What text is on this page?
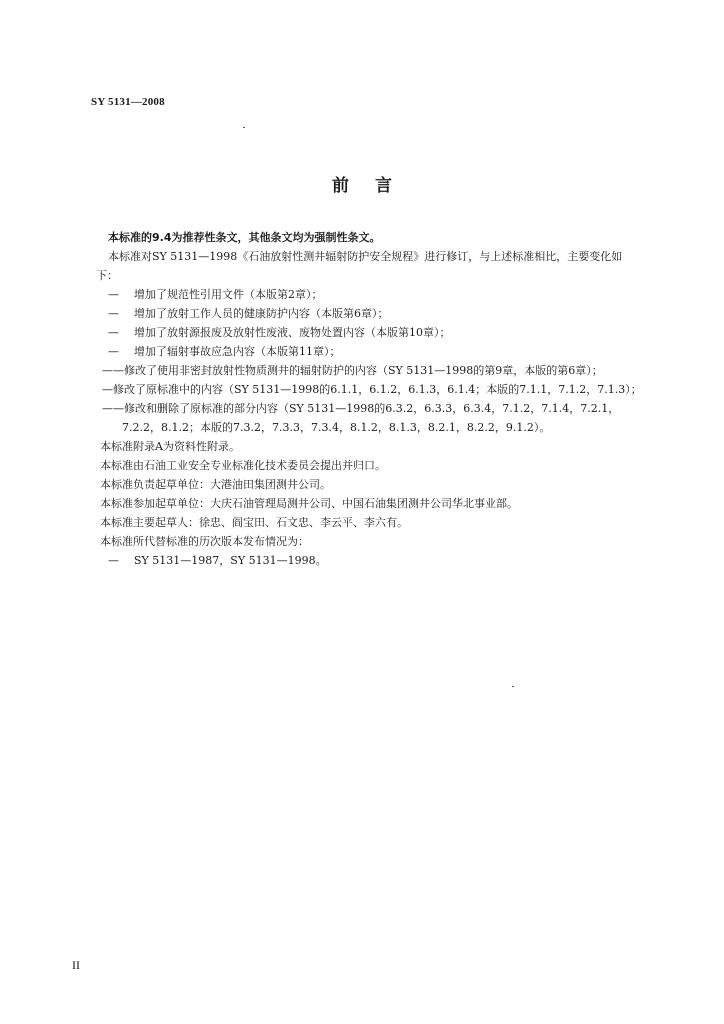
SY 5131—2008
前言

本标准的9.4为推荐性条文，其他条文均为强制性条文。

本标准对SY 5131—1998《石油放射性测井辐射防护安全规程》进行修订，与上述标准相比，主要变化如下：

— 增加了规范性引用文件（本版第2章）；

— 增加了放射工作人员的健康防护内容（本版第6章）；

— 增加了放射源报废及放射性废液、废物处置内容（本版第10章）；

— 增加了辐射事故应急内容（本版第11章）；

——修改了使用非密封放射性物质测井的辐射防护的内容（SY 5131—1998的第9章，本版的第6章）；

—修改了原标准中的内容（SY 5131—1998的6.1.1，6.1.2，6.1.3，6.1.4；本版的7.1.1，7.1.2，7.1.3）；

——修改和删除了原标准的部分内容（SY 5131—1998的6.3.2，6.3.3，6.3.4，7.1.2，7.1.4，7.2.1，7.2.2，8.1.2；本版的7.3.2，7.3.3，7.3.4，8.1.2，8.1.3，8.2.1，8.2.2，9.1.2）。

本标准附录A为资料性附录。

本标准由石油工业安全专业标准化技术委员会提出并归口。

本标准负责起草单位：大港油田集团测井公司。

本标准参加起草单位：大庆石油管理局测井公司、中国石油集团测井公司华北事业部。

本标准主要起草人：徐忠、阎宝田、石文忠、李云平、李六有。

本标准所代替标准的历次版本发布情况为：

— SY 5131—1987，SY 5131—1998。

II
